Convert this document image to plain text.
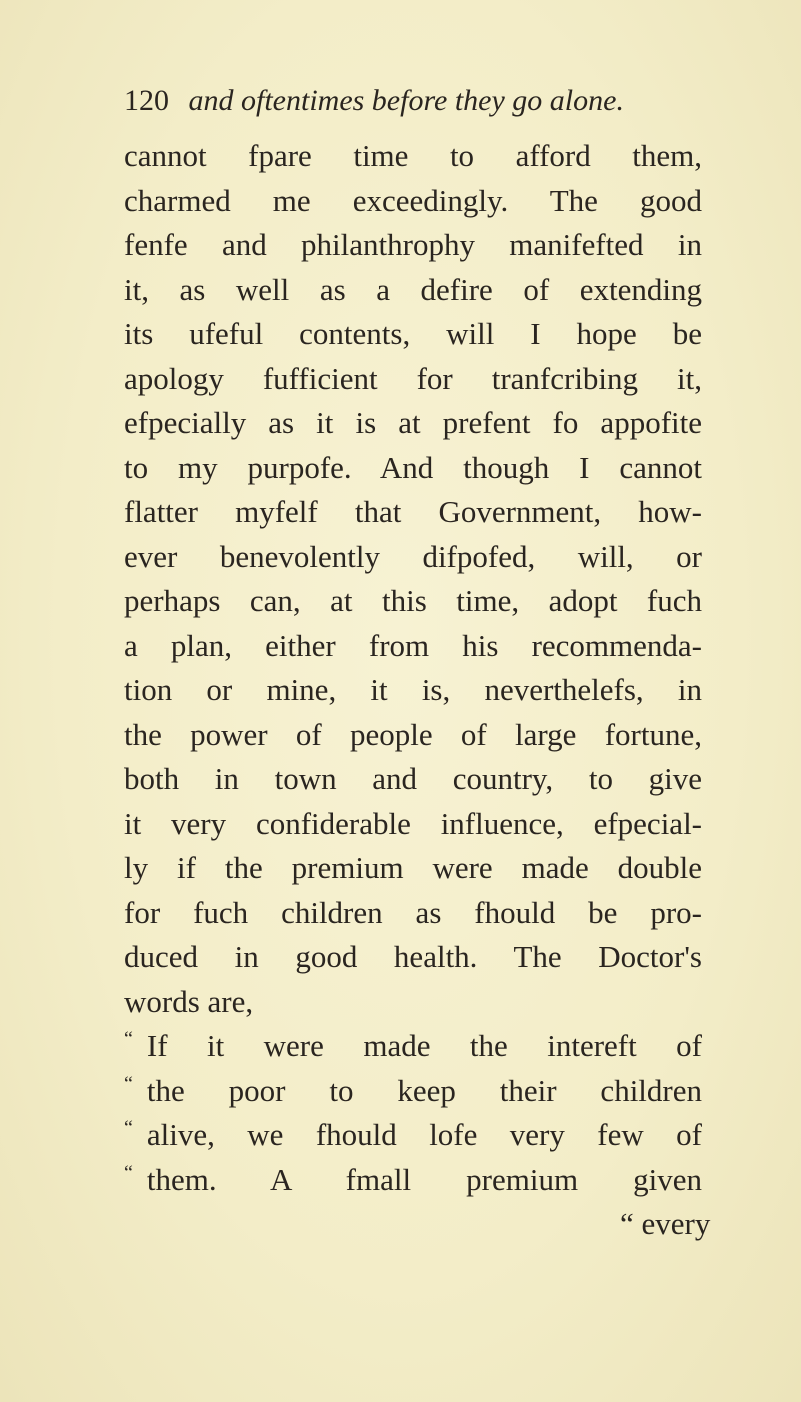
120 and oftentimes before they go alone.
cannot fpare time to afford them,
charmed me exceedingly. The good
fenfe and philanthrophy manifefted in
it, as well as a defire of extending
its ufeful contents, will I hope be
apology fufficient for tranfcribing it,
efpecially as it is at prefent fo appofite
to my purpofe. And though I cannot
flatter myfelf that Government, how-
ever benevolently difpofed, will, or
perhaps can, at this time, adopt fuch
a plan, either from his recommenda-
tion or mine, it is, neverthelefs, in
the power of people of large fortune,
both in town and country, to give
it very confiderable influence, efpecial-
ly if the premium were made double
for fuch children as fhould be pro-
duced in good health. The Doctor's
words are,
“ If it were made the intereft of
“ the poor to keep their children
“ alive, we fhould lofe very few of
“ them. A fmall premium given
“ every
